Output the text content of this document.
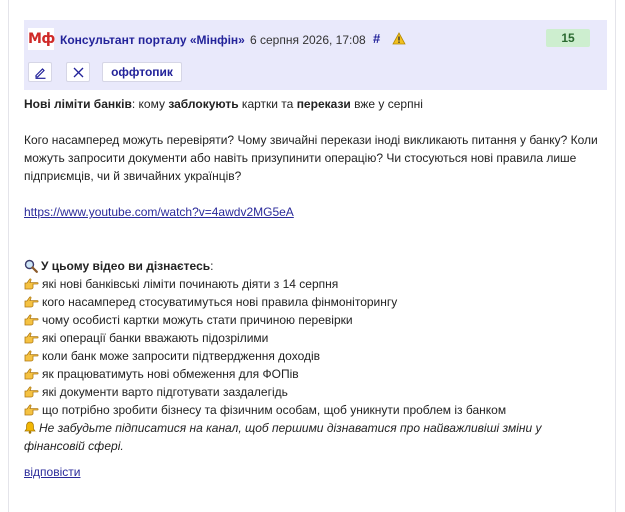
Мф Консультант порталу «Мінфін» 6 серпня 2026, 17:08 #	15
оффтопик

Нові ліміти банків: кому заблокують картки та перекази вже у серпні

Кого насамперед можуть перевіряти? Чому звичайні перекази іноді викликають питання у банку? Коли можуть запросити документи або навіть призупинити операцію? Чи стосуються нові правила лише підприємців, чи й звичайних українців?

https://www.youtube.com/watch?v=4awdv2MG5eA

У цьому відео ви дізнаєтесь :
які нові банківські ліміти починають діяти з 14 серпня
кого насамперед стосуватимуться нові правила фінмоніторингу
чому особисті картки можуть стати причиною перевірки
які операції банки вважають підозрілими
коли банк може запросити підтвердження доходів
як працюватимуть нові обмеження для ФОПів
які документи варто підготувати заздалегідь
що потрібно зробити бізнесу та фізичним особам, щоб уникнути проблем із банком

Не забудьте підписатися на канал, щоб першими дізнаватися про найважливіші зміни у фінансовій сфері.

відповісти
